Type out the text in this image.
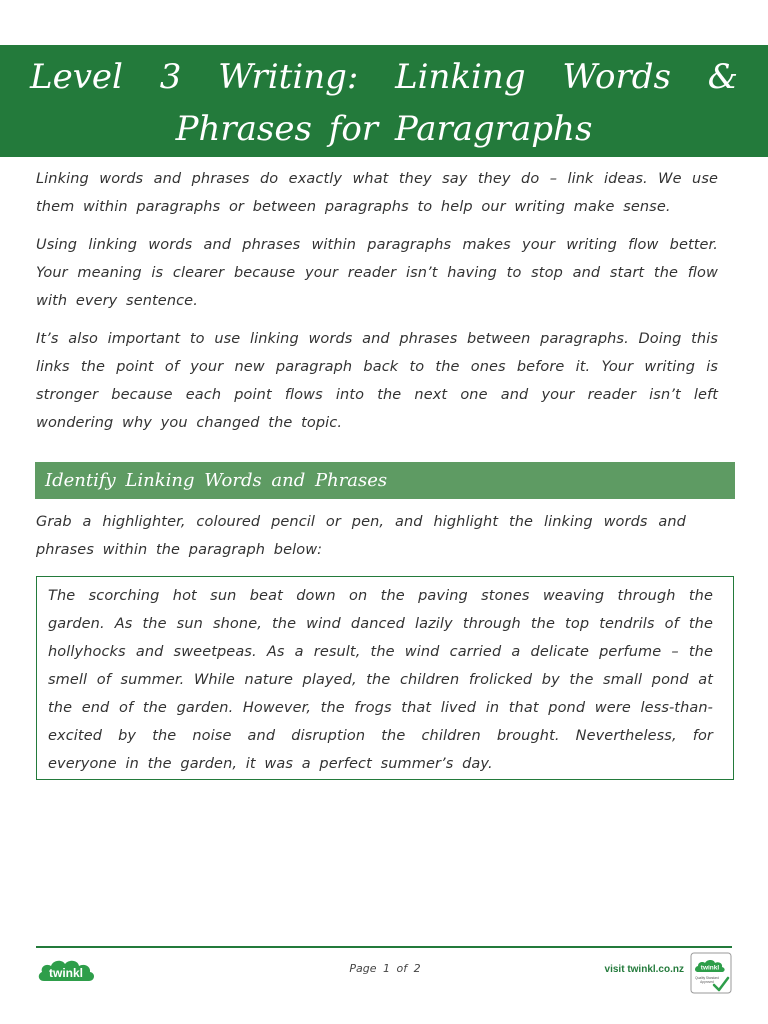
Level 3 Writing: Linking Words & Phrases for Paragraphs

Linking words and phrases do exactly what they say they do – link ideas. We use them within paragraphs or between paragraphs to help our writing make sense.

Using linking words and phrases within paragraphs makes your writing flow better. Your meaning is clearer because your reader isn’t having to stop and start the flow with every sentence.

It’s also important to use linking words and phrases between paragraphs. Doing this links the point of your new paragraph back to the ones before it. Your writing is stronger because each point flows into the next one and your reader isn’t left wondering why you changed the topic.

Identify Linking Words and Phrases

Grab a highlighter, coloured pencil or pen, and highlight the linking words and phrases within the paragraph below:

The scorching hot sun beat down on the paving stones weaving through the garden. As the sun shone, the wind danced lazily through the top tendrils of the hollyhocks and sweetpeas. As a result, the wind carried a delicate perfume – the smell of summer. While nature played, the children frolicked by the small pond at the end of the garden. However, the frogs that lived in that pond were less-than-excited by the noise and disruption the children brought. Nevertheless, for everyone in the garden, it was a perfect summer’s day.

twinkl	Page 1 of 2	visit twinkl.co.nz	twinkl
Quality Standard
Approved
